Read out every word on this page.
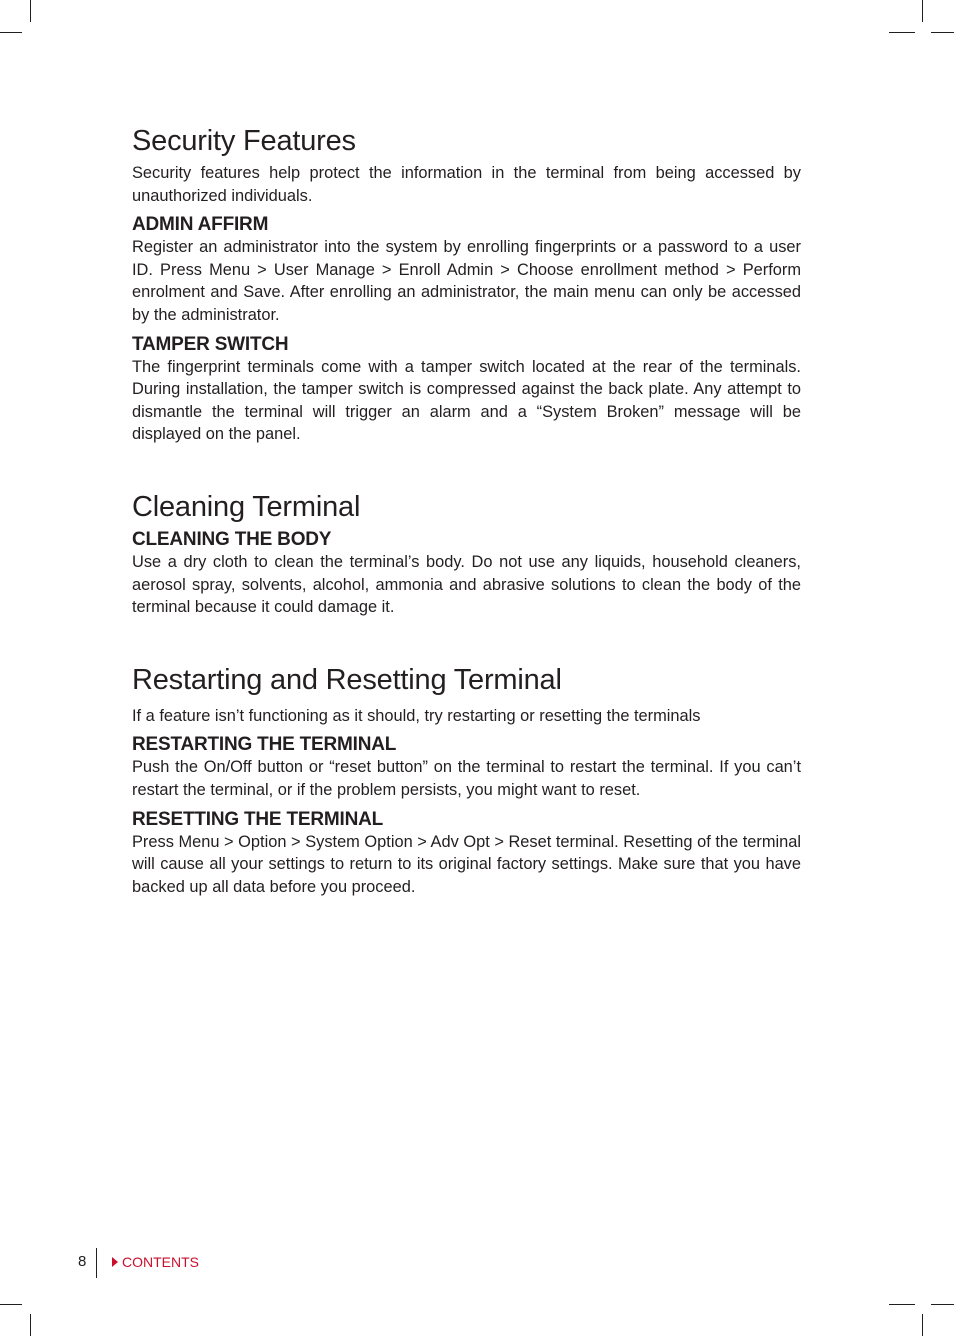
Security Features

Security features help protect the information in the terminal from being accessed by unauthorized individuals.

ADMIN AFFIRM

Register an administrator into the system by enrolling fingerprints or a password to a user ID. Press Menu > User Manage > Enroll Admin > Choose enrollment method > Perform enrolment and Save. After enrolling an administrator, the main menu can only be accessed by the administrator.

TAMPER SWITCH

The fingerprint terminals come with a tamper switch located at the rear of the terminals. During installation, the tamper switch is compressed against the back plate. Any attempt to dismantle the terminal will trigger an alarm and a “System Broken” message will be displayed on the panel.

Cleaning Terminal
CLEANING THE BODY

Use a dry cloth to clean the terminal’s body. Do not use any liquids, household cleaners, aerosol spray, solvents, alcohol, ammonia and abrasive solutions to clean the body of the terminal because it could damage it.

Restarting and Resetting Terminal

If a feature isn’t functioning as it should, try restarting or resetting the terminals

RESTARTING THE TERMINAL

Push the On/Off button or “reset button” on the terminal to restart the terminal. If you can’t restart the terminal, or if the problem persists, you might want to reset.

RESETTING THE TERMINAL

Press Menu > Option > System Option > Adv Opt > Reset terminal. Resetting of the terminal will cause all your settings to return to its original factory settings. Make sure that you have backed up all data before you proceed.

8	CONTENTS
